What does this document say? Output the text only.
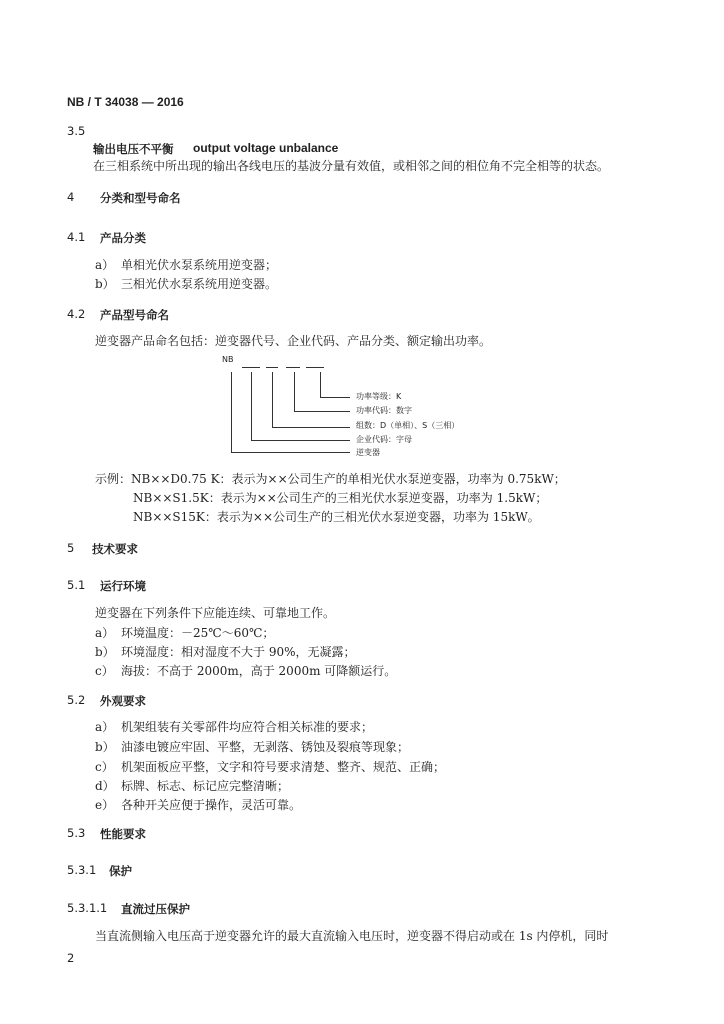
NB / T 34038 — 2016
3.5
输出电压不平衡 output voltage unbalance
在三相系统中所出现的输出各线电压的基波分量有效值，或相邻之间的相位角不完全相等的状态。
4 分类和型号命名
4.1 产品分类
a） 单相光伏水泵系统用逆变器；
b） 三相光伏水泵系统用逆变器。
4.2 产品型号命名
逆变器产品命名包括：逆变器代号、企业代码、产品分类、额定输出功率。
NB
功率等级：K
功率代码：数字
组数：D（单相）、S（三相）
企业代码：字母
逆变器
示例：NB××D0.75 K：表示为××公司生产的单相光伏水泵逆变器，功率为 0.75kW；
NB××S1.5K：表示为××公司生产的三相光伏水泵逆变器，功率为 1.5kW；
NB××S15K：表示为××公司生产的三相光伏水泵逆变器，功率为 15kW。
5 技术要求
5.1 运行环境
逆变器在下列条件下应能连续、可靠地工作。
a） 环境温度：－25℃～60℃；
b） 环境湿度：相对湿度不大于 90%，无凝露；
c） 海拔：不高于 2000m，高于 2000m 可降额运行。
5.2 外观要求
a） 机架组装有关零部件均应符合相关标准的要求；
b） 油漆电镀应牢固、平整，无剥落、锈蚀及裂痕等现象；
c） 机架面板应平整，文字和符号要求清楚、整齐、规范、正确；
d） 标牌、标志、标记应完整清晰；
e） 各种开关应便于操作，灵活可靠。
5.3 性能要求
5.3.1 保护
5.3.1.1 直流过压保护
当直流侧输入电压高于逆变器允许的最大直流输入电压时，逆变器不得启动或在 1s 内停机，同时
2
